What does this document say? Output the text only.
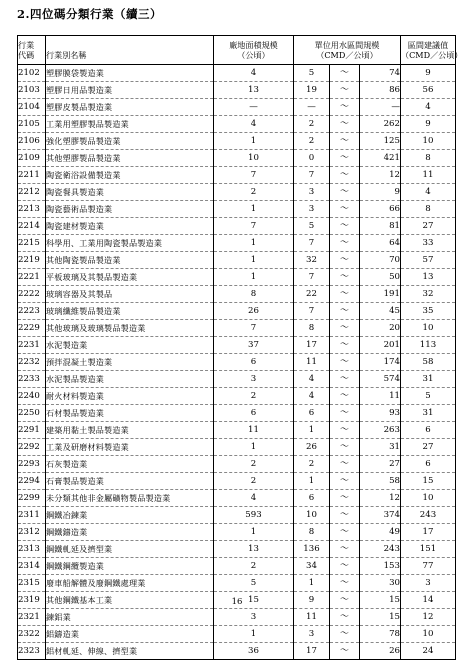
2.四位碼分類行業（續三）
行業
代碼	行業別名稱	廠地面積規模
（公頃）	單位用水區間規模
（CMD／公頃）			區間建議值
（CMD／公頃）

2102	塑膠膜袋製造業	4	5	～	74	9
2103	塑膠日用品製造業	13	19	～	86	56
2104	塑膠皮製品製造業	—	—	～	—	4
2105	工業用塑膠製品製造業	4	2	～	262	9
2106	強化塑膠製品製造業	1	2	～	125	10
2109	其他塑膠製品製造業	10	0	～	421	8
2211	陶瓷衛浴設備製造業	7	7	～	12	11
2212	陶瓷餐具製造業	2	3	～	9	4
2213	陶瓷藝術品製造業	1	3	～	66	8
2214	陶瓷建材製造業	7	5	～	81	27
2215	科學用、工業用陶瓷製品製造業	1	7	～	64	33
2219	其他陶瓷製品製造業	1	32	～	70	57
2221	平板玻璃及其製品製造業	1	7	～	50	13
2222	玻璃容器及其製品	8	22	～	191	32
2223	玻璃纖維製品製造業	26	7	～	45	35
2229	其他玻璃及玻璃製品製造業	7	8	～	20	10
2231	水泥製造業	37	17	～	201	113
2232	預拌混凝土製造業	6	11	～	174	58
2233	水泥製品製造業	3	4	～	574	31
2240	耐火材料製造業	2	4	～	11	5
2250	石材製品製造業	6	6	～	93	31
2291	建築用黏土製品製造業	11	1	～	263	6
2292	工業及研磨材料製造業	1	26	～	31	27
2293	石灰製造業	2	2	～	27	6
2294	石膏製品製造業	2	1	～	58	15
2299	未分類其他非金屬礦物製品製造業	4	6	～	12	10
2311	鋼鐵冶鍊業	593	10	～	374	243
2312	鋼鐵鑄造業	1	8	～	49	17
2313	鋼鐵軋延及擠型業	13	136	～	243	151
2314	鋼鐵鋼纜製造業	2	34	～	153	77
2315	廢車船解體及廢鋼鐵處理業	5	1	～	30	3
2319	其他鋼鐵基本工業	15	9	～	15	14
2321	鍊鋁業	3	11	～	15	12
2322	鋁鑄造業	1	3	～	78	10
2323	鋁材軋延、伸線、擠型業	36	17	～	26	24
16
